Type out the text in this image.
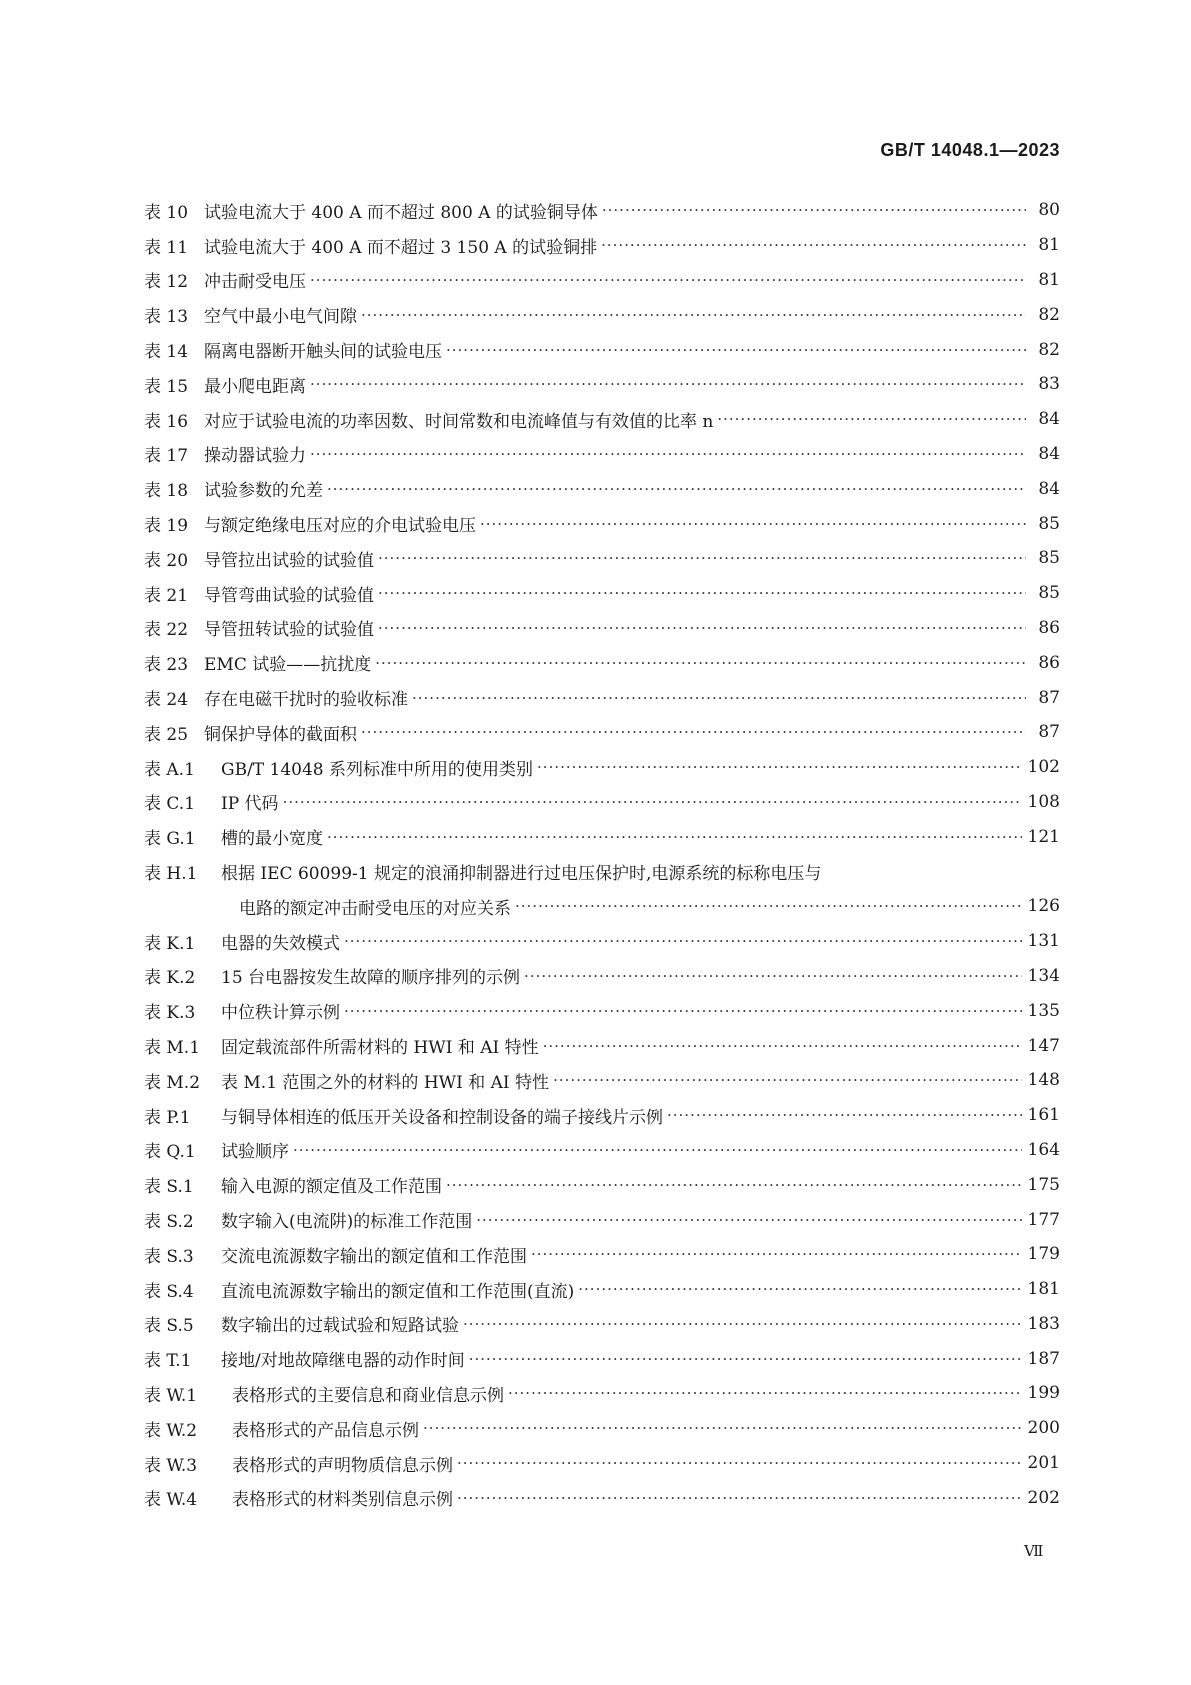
GB/T 14048.1—2023
表 10 试验电流大于 400 A 而不超过 800 A 的试验铜导体 ·····	80
表 11 试验电流大于 400 A 而不超过 3 150 A 的试验铜排 ·····	81
表 12 冲击耐受电压 ·····	81
表 13 空气中最小电气间隙 ·····	82
表 14 隔离电器断开触头间的试验电压 ·····	82
表 15 最小爬电距离 ·····	83
表 16 对应于试验电流的功率因数、时间常数和电流峰值与有效值的比率 n ·····	84
表 17 操动器试验力 ·····	84
表 18 试验参数的允差 ·····	84
表 19 与额定绝缘电压对应的介电试验电压 ·····	85
表 20 导管拉出试验的试验值 ·····	85
表 21 导管弯曲试验的试验值 ·····	85
表 22 导管扭转试验的试验值 ·····	86
表 23 EMC 试验——抗扰度 ·····	86
表 24 存在电磁干扰时的验收标准 ·····	87
表 25 铜保护导体的截面积 ·····	87
表 A.1	GB/T 14048 系列标准中所用的使用类别 ·····	102
表 C.1	IP 代码 ·····	108
表 G.1	槽的最小宽度 ·····	121
表 H.1	根据 IEC 60099-1 规定的浪涌抑制器进行过电压保护时,电源系统的标称电压与
电路的额定冲击耐受电压的对应关系 ·····	126
表 K.1	电器的失效模式 ·····	131
表 K.2	15 台电器按发生故障的顺序排列的示例 ·····	134
表 K.3	中位秩计算示例 ·····	135
表 M.1	固定载流部件所需材料的 HWI 和 AI 特性 ·····	147
表 M.2	表 M.1 范围之外的材料的 HWI 和 AI 特性 ·····	148
表 P.1	与铜导体相连的低压开关设备和控制设备的端子接线片示例 ·····	161
表 Q.1	试验顺序 ·····	164
表 S.1	输入电源的额定值及工作范围 ·····	175
表 S.2	数字输入(电流阱)的标准工作范围 ·····	177
表 S.3	交流电流源数字输出的额定值和工作范围 ·····	179
表 S.4	直流电流源数字输出的额定值和工作范围(直流) ·····	181
表 S.5	数字输出的过载试验和短路试验 ·····	183
表 T.1	接地/对地故障继电器的动作时间 ·····	187
表 W.1	表格形式的主要信息和商业信息示例 ·····	199
表 W.2	表格形式的产品信息示例 ·····	200
表 W.3	表格形式的声明物质信息示例 ·····	201
表 W.4	表格形式的材料类别信息示例 ·····	202
Ⅶ
